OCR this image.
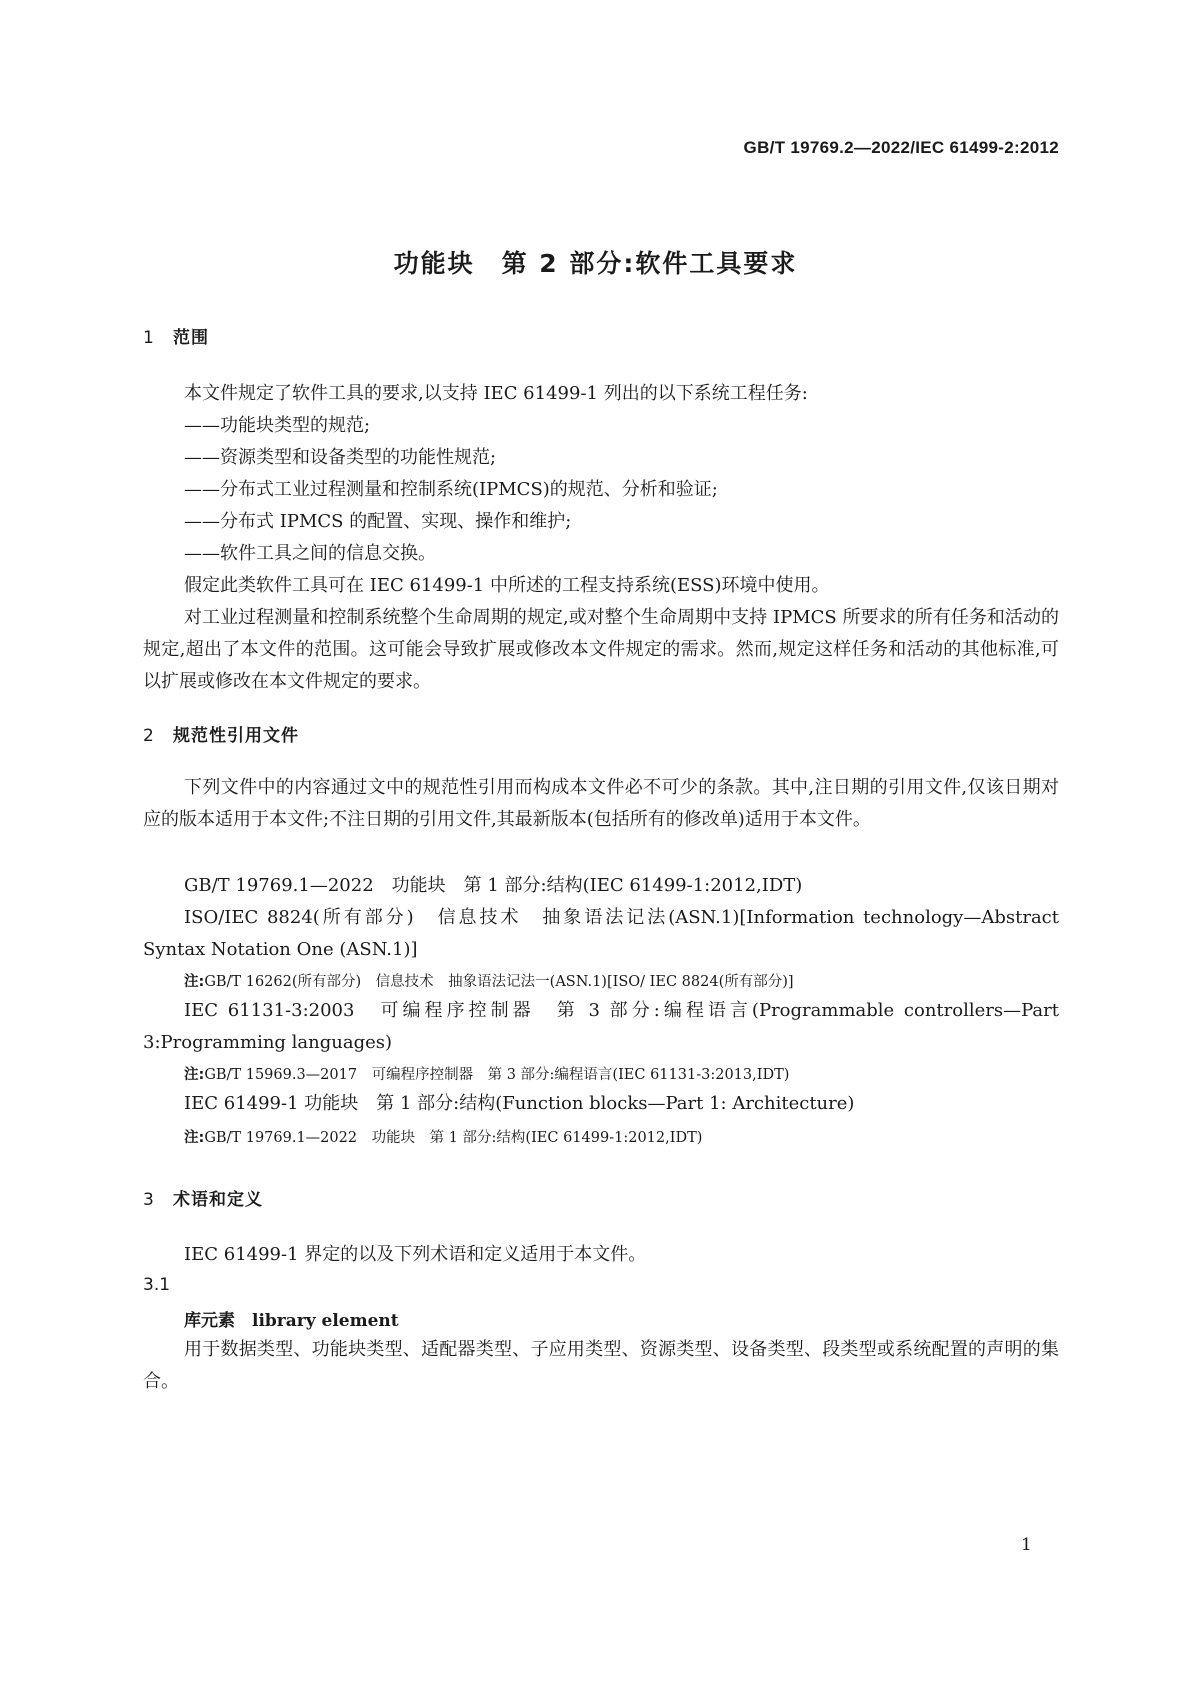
GB/T 19769.2—2022/IEC 61499-2:2012
功能块　第 2 部分:软件工具要求
1 范围
本文件规定了软件工具的要求,以支持 IEC 61499-1 列出的以下系统工程任务:
——功能块类型的规范;
——资源类型和设备类型的功能性规范;
——分布式工业过程测量和控制系统(IPMCS)的规范、分析和验证;
——分布式 IPMCS 的配置、实现、操作和维护;
——软件工具之间的信息交换。
假定此类软件工具可在 IEC 61499-1 中所述的工程支持系统(ESS)环境中使用。
对工业过程测量和控制系统整个生命周期的规定,或对整个生命周期中支持 IPMCS 所要求的所有任务和活动的规定,超出了本文件的范围。这可能会导致扩展或修改本文件规定的需求。然而,规定这样任务和活动的其他标准,可以扩展或修改在本文件规定的要求。
2 规范性引用文件
下列文件中的内容通过文中的规范性引用而构成本文件必不可少的条款。其中,注日期的引用文件,仅该日期对应的版本适用于本文件;不注日期的引用文件,其最新版本(包括所有的修改单)适用于本文件。
GB/T 19769.1—2022　功能块　第 1 部分:结构(IEC 61499-1:2012,IDT)
ISO/IEC 8824(所有部分)　信息技术　抽象语法记法(ASN.1)[Information technology—Abstract Syntax Notation One (ASN.1)]
注:GB/T 16262(所有部分)　信息技术　抽象语法记法一(ASN.1)[ISO/ IEC 8824(所有部分)]
IEC 61131-3:2003　可编程序控制器　第 3 部分:编程语言(Programmable controllers—Part 3:Programming languages)
注:GB/T 15969.3—2017　可编程序控制器　第 3 部分:编程语言(IEC 61131-3:2013,IDT)
IEC 61499-1 功能块　第 1 部分:结构(Function blocks—Part 1: Architecture)
注:GB/T 19769.1—2022　功能块　第 1 部分:结构(IEC 61499-1:2012,IDT)
3 术语和定义
IEC 61499-1 界定的以及下列术语和定义适用于本文件。
3.1
库元素　 library element
用于数据类型、功能块类型、适配器类型、子应用类型、资源类型、设备类型、段类型或系统配置的声明的集合。
1
